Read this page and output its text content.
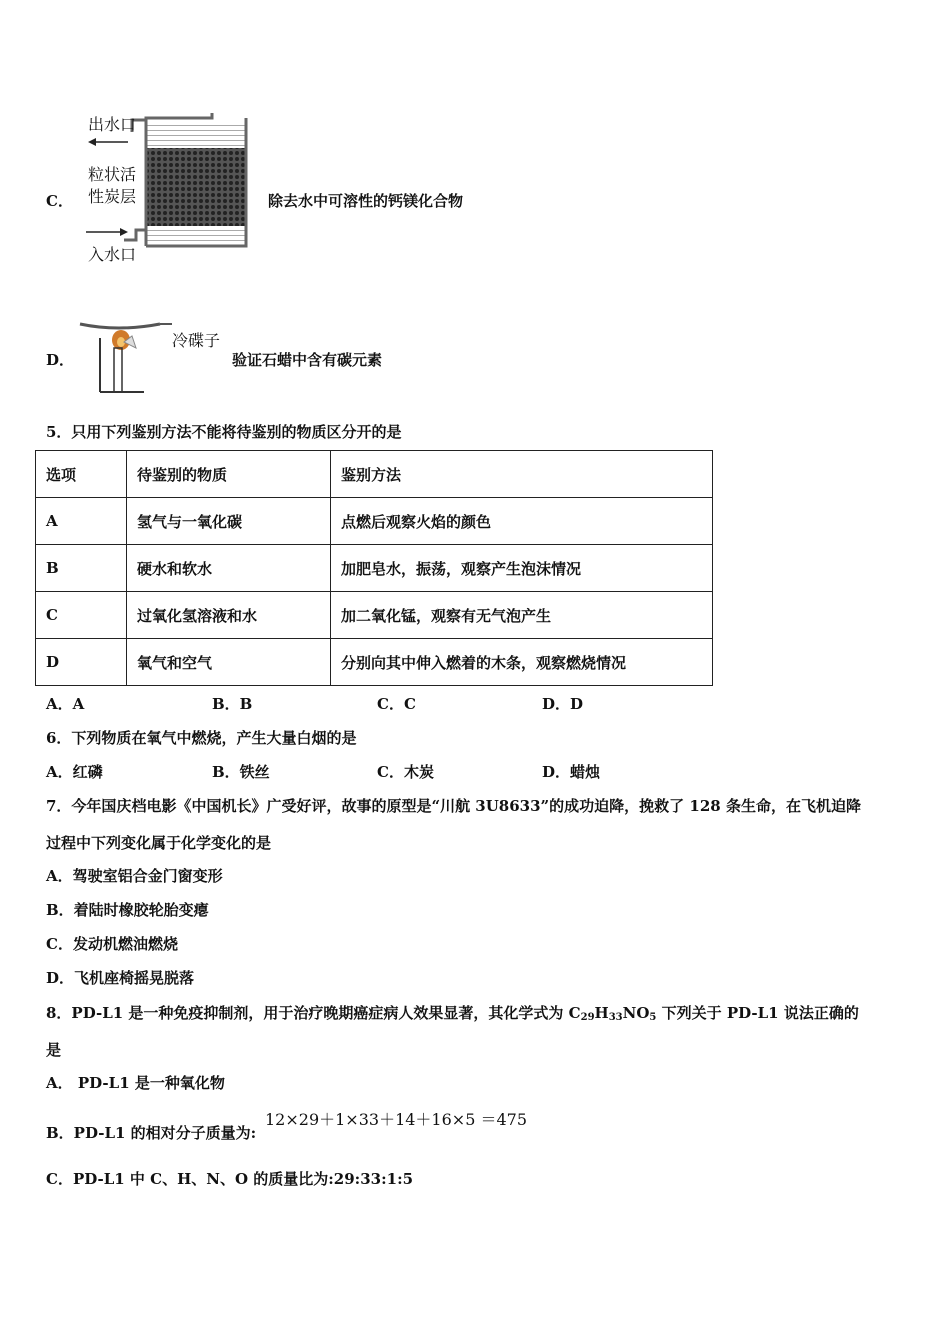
C．
出水口
粒状活
性炭层
入水口
除去水中可溶性的钙镁化合物
D．
冷碟子
验证石蜡中含有碳元素
5．只用下列鉴别方法不能将待鉴别的物质区分开的是
选项	待鉴别的物质	鉴别方法
A	氢气与一氧化碳	点燃后观察火焰的颜色
B	硬水和软水	加肥皂水，振荡，观察产生泡沫情况
C	过氧化氢溶液和水	加二氧化锰，观察有无气泡产生
D	氧气和空气	分别向其中伸入燃着的木条，观察燃烧情况
A．A	B．B	C．C	D．D
6．下列物质在氧气中燃烧，产生大量白烟的是
A．红磷	B．铁丝	C．木炭	D．蜡烛
7．今年国庆档电影《中国机长》广受好评，故事的原型是“川航 3U8633”的成功迫降，挽救了 128 条生命，在飞机迫降
过程中下列变化属于化学变化的是
A．驾驶室铝合金门窗变形
B．着陆时橡胶轮胎变瘪
C．发动机燃油燃烧
D．飞机座椅摇晃脱落
8．PD-L1 是一种免疫抑制剂，用于治疗晚期癌症病人效果显著，其化学式为 $C_{29}H_{33}NO_5$ 下列关于 PD-L1 说法正确的
是
A． PD-L1 是一种氧化物
B．PD-L1 的相对分子质量为:
12×29＋1×33＋14＋16×5 ＝475
C．PD-L1 中 C、H、N、O 的质量比为:29:33:1:5
